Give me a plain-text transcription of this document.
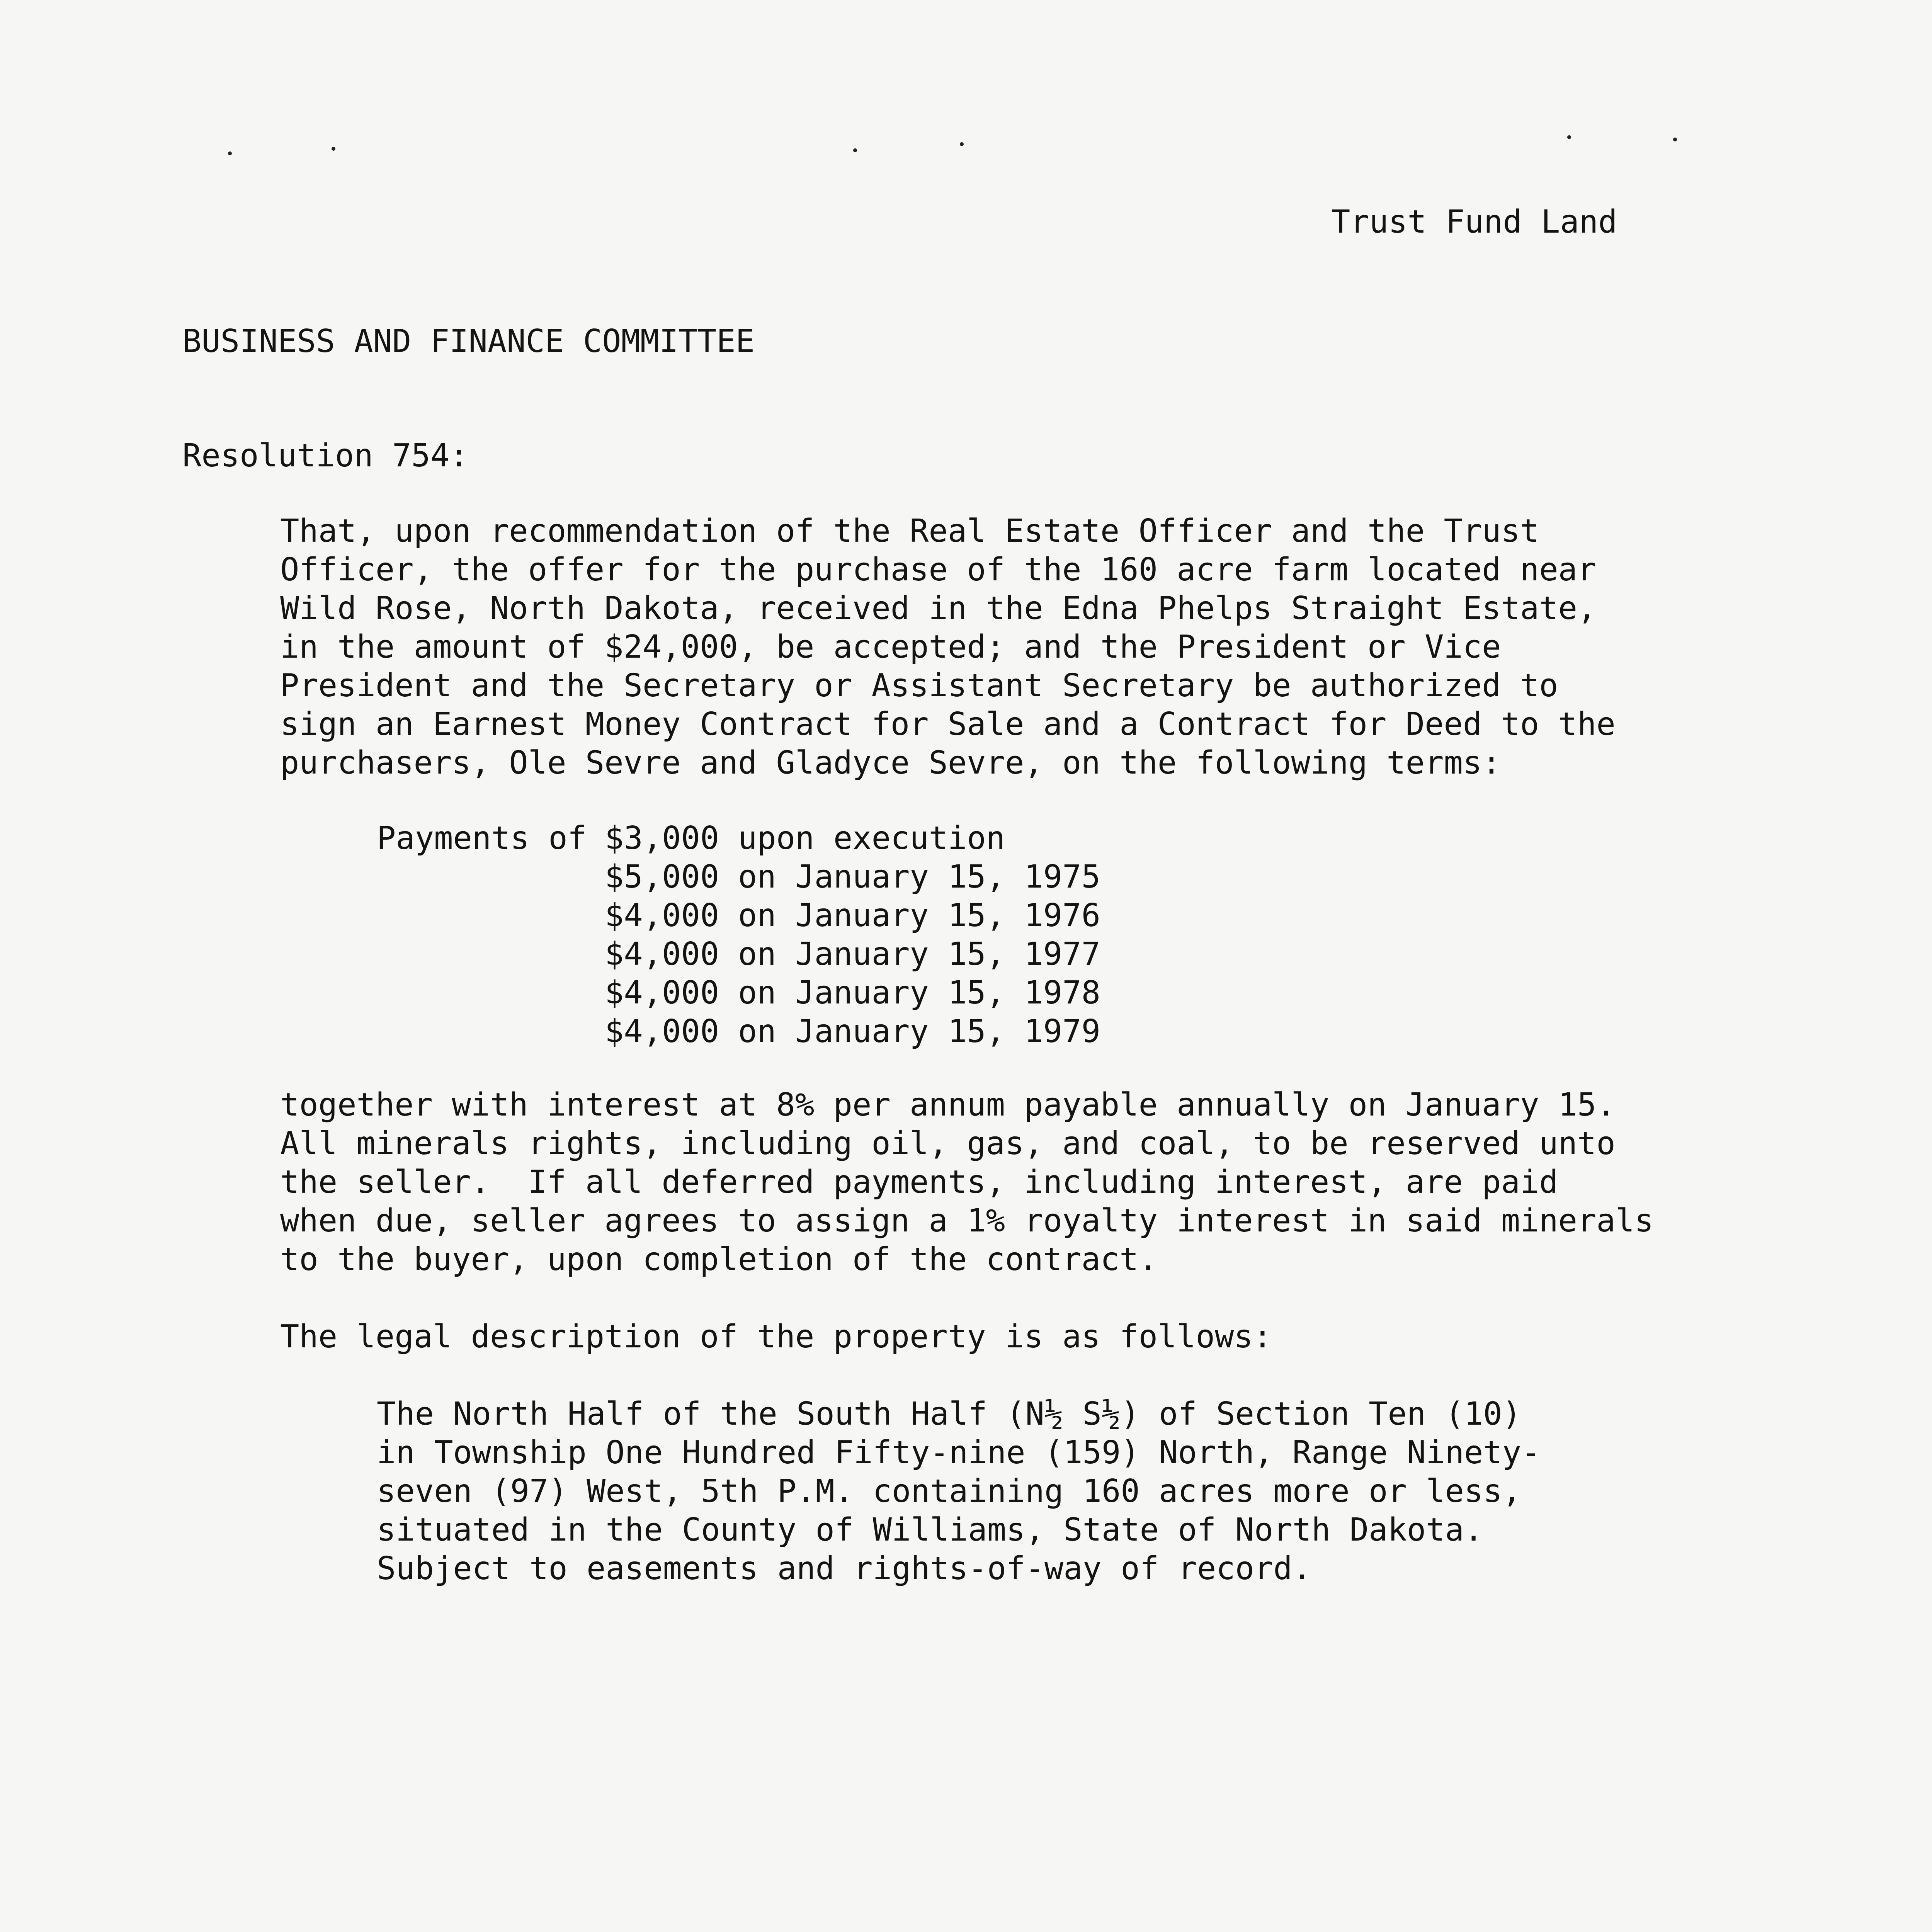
Trust Fund Land
BUSINESS AND FINANCE COMMITTEE
Resolution 754:
That, upon recommendation of the Real Estate Officer and the Trust
Officer, the offer for the purchase of the 160 acre farm located near
Wild Rose, North Dakota, received in the Edna Phelps Straight Estate,
in the amount of $24,000, be accepted; and the President or Vice
President and the Secretary or Assistant Secretary be authorized to
sign an Earnest Money Contract for Sale and a Contract for Deed to the
purchasers, Ole Sevre and Gladyce Sevre, on the following terms:
Payments of $3,000 upon execution
$5,000 on January 15, 1975
$4,000 on January 15, 1976
$4,000 on January 15, 1977
$4,000 on January 15, 1978
$4,000 on January 15, 1979
together with interest at 8% per annum payable annually on January 15.
All minerals rights, including oil, gas, and coal, to be reserved unto
the seller.  If all deferred payments, including interest, are paid
when due, seller agrees to assign a 1% royalty interest in said minerals
to the buyer, upon completion of the contract.
The legal description of the property is as follows:
The North Half of the South Half (N½ S½) of Section Ten (10)
in Township One Hundred Fifty-nine (159) North, Range Ninety-
seven (97) West, 5th P.M. containing 160 acres more or less,
situated in the County of Williams, State of North Dakota.
Subject to easements and rights-of-way of record.
